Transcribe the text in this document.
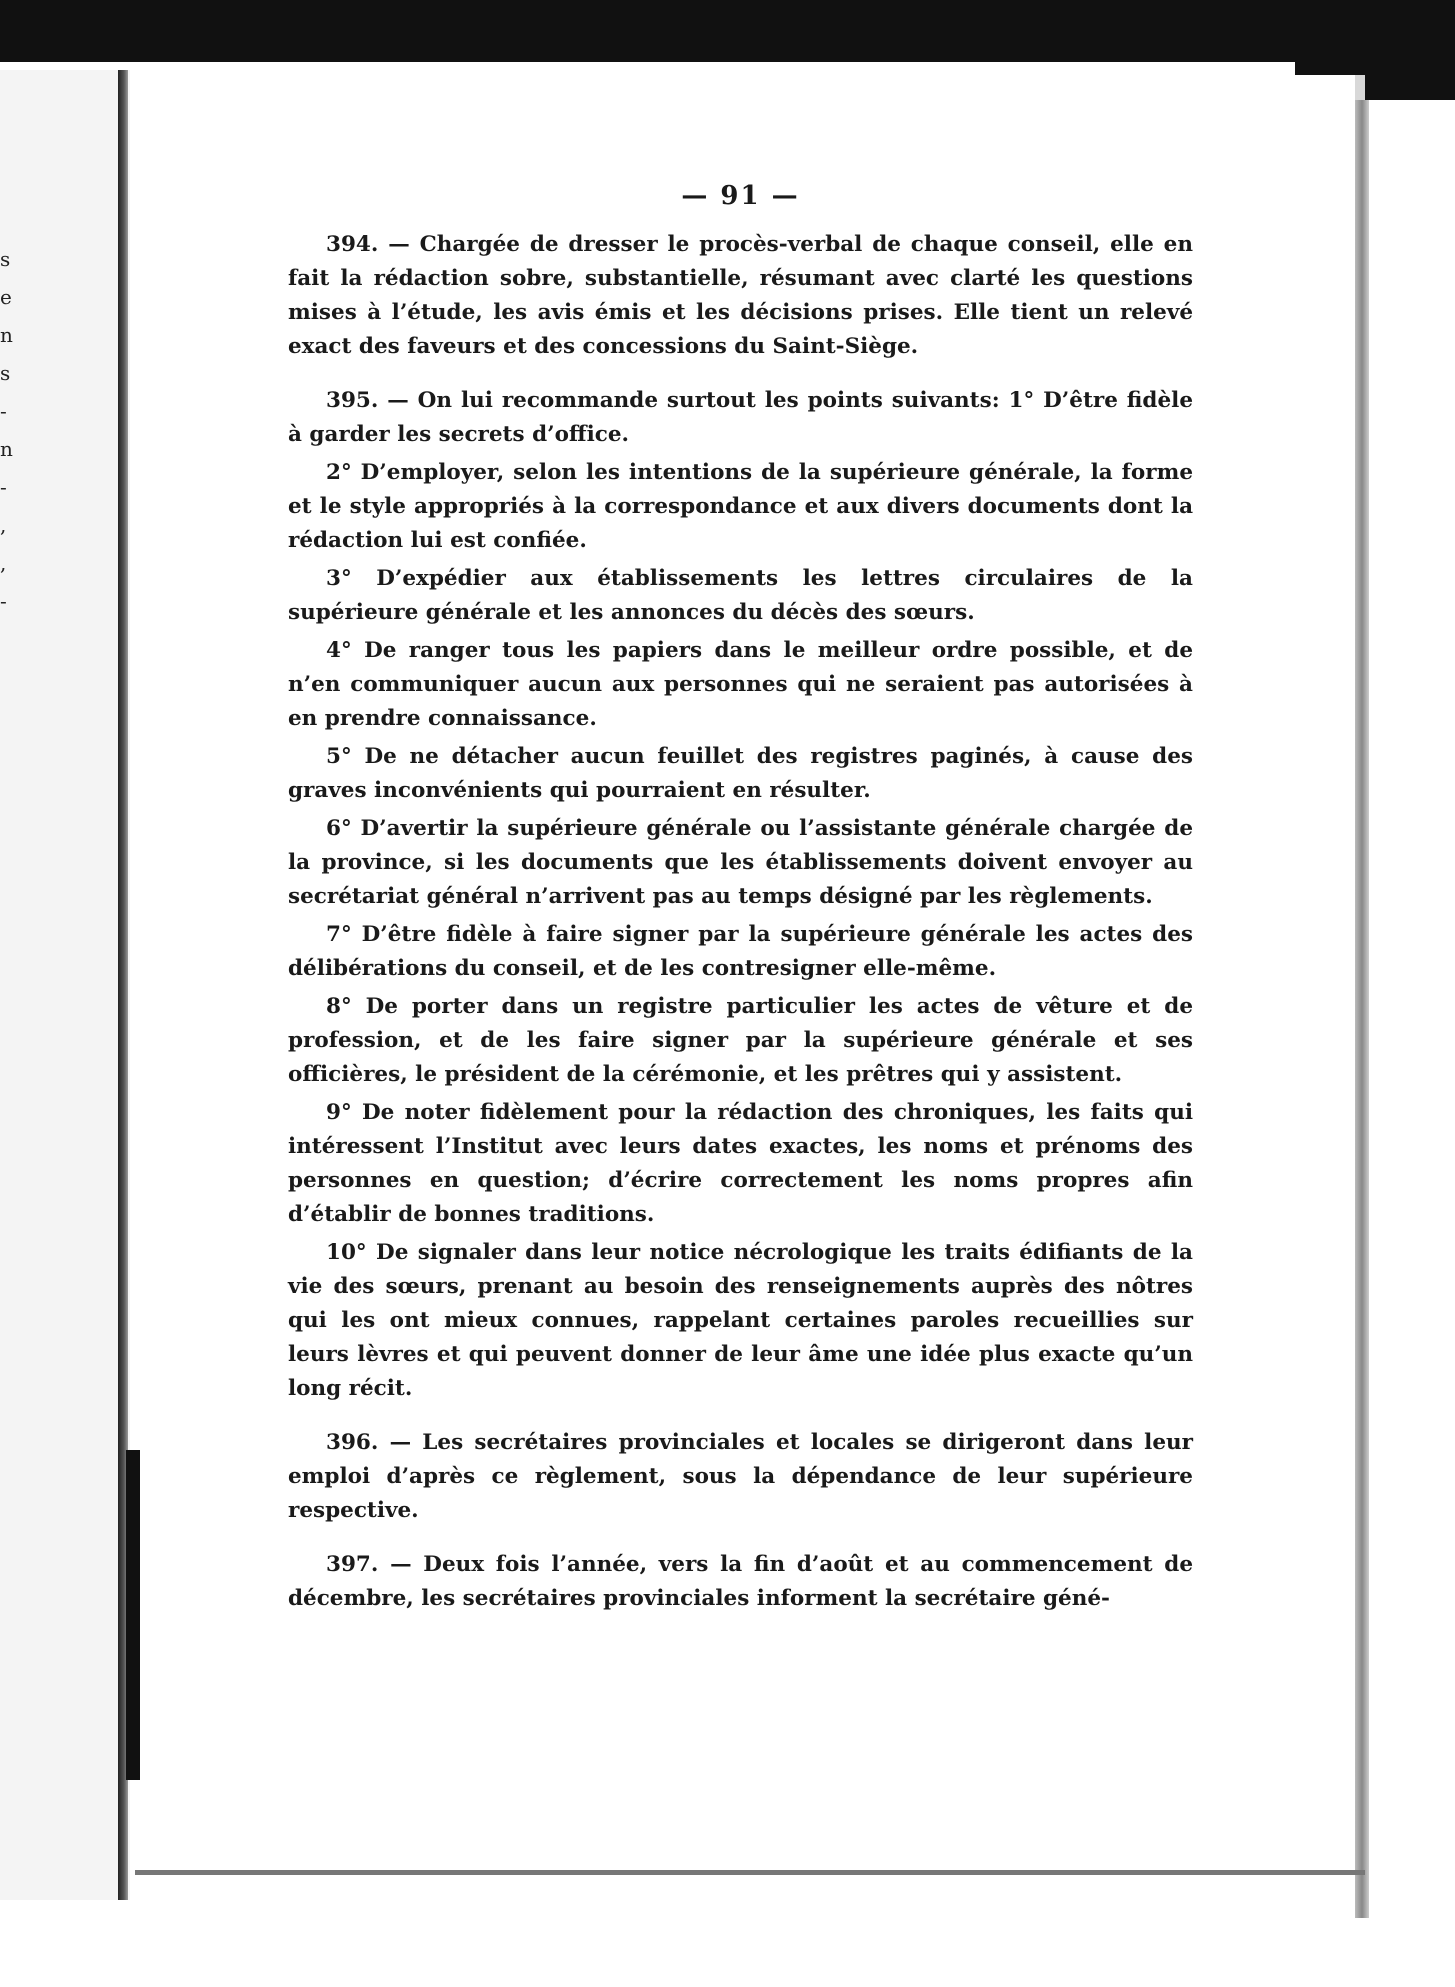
s
e
n
s
-
n
-
,
,
-
— 91 —

394. — Chargée de dresser le procès-verbal de chaque conseil, elle en fait la rédaction sobre, substantielle, résumant avec clarté les questions mises à l’étude, les avis émis et les décisions prises. Elle tient un relevé exact des faveurs et des concessions du Saint-Siège.

395. — On lui recommande surtout les points suivants: 1° D’être fidèle à garder les secrets d’office.

2° D’employer, selon les intentions de la supérieure générale, la forme et le style appropriés à la correspondance et aux divers documents dont la rédaction lui est confiée.

3° D’expédier aux établissements les lettres circulaires de la supérieure générale et les annonces du décès des sœurs.

4° De ranger tous les papiers dans le meilleur ordre possible, et de n’en communiquer aucun aux personnes qui ne seraient pas autorisées à en prendre connaissance.

5° De ne détacher aucun feuillet des registres paginés, à cause des graves inconvénients qui pourraient en résulter.

6° D’avertir la supérieure générale ou l’assistante générale chargée de la province, si les documents que les établissements doivent envoyer au secrétariat général n’arrivent pas au temps désigné par les règlements.

7° D’être fidèle à faire signer par la supérieure générale les actes des délibérations du conseil, et de les contresigner elle-même.

8° De porter dans un registre particulier les actes de vêture et de profession, et de les faire signer par la supérieure générale et ses officières, le président de la cérémonie, et les prêtres qui y assistent.

9° De noter fidèlement pour la rédaction des chroniques, les faits qui intéressent l’Institut avec leurs dates exactes, les noms et prénoms des personnes en question; d’écrire correctement les noms propres afin d’établir de bonnes traditions.

10° De signaler dans leur notice nécrologique les traits édifiants de la vie des sœurs, prenant au besoin des renseignements auprès des nôtres qui les ont mieux connues, rappelant certaines paroles recueillies sur leurs lèvres et qui peuvent donner de leur âme une idée plus exacte qu’un long récit.

396. — Les secrétaires provinciales et locales se dirigeront dans leur emploi d’après ce règlement, sous la dépendance de leur supérieure respective.

397. — Deux fois l’année, vers la fin d’août et au commencement de décembre, les secrétaires provinciales informent la secrétaire géné-
